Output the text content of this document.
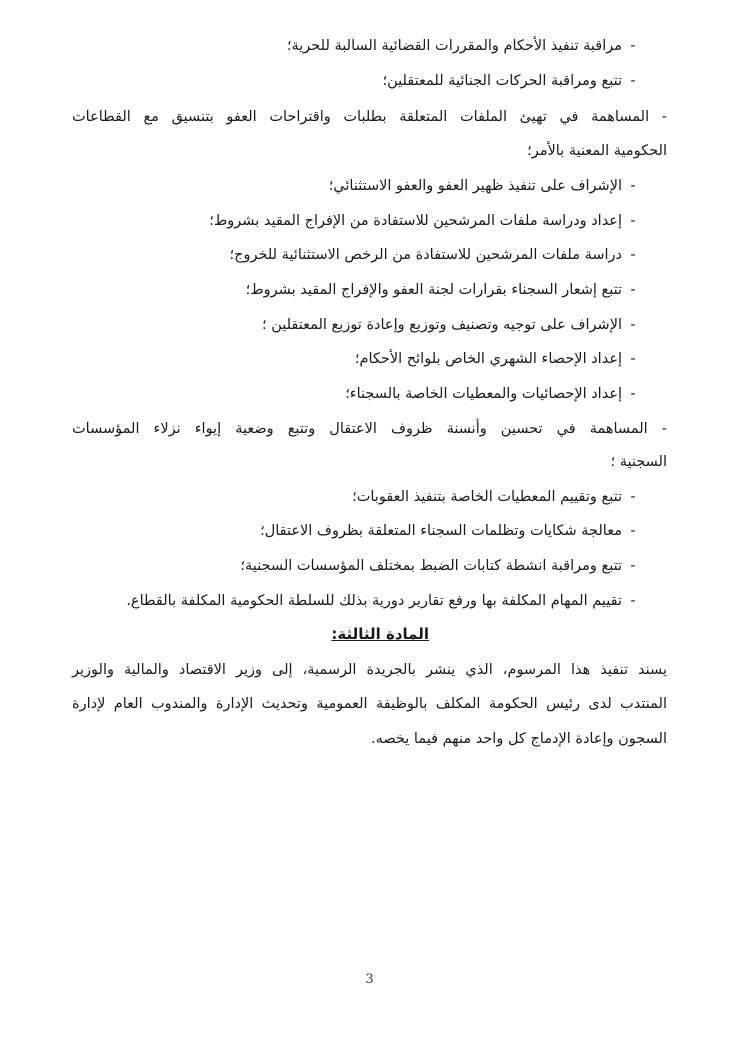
-مراقبة تنفيذ الأحكام والمقررات القضائية السالبة للحرية؛
-تتبع ومراقبة الحركات الجنائية للمعتقلين؛
- المساهمة في تهيئ الملفات المتعلقة بطلبات واقتراحات العفو بتنسيق مع القطاعات
الحكومية المعنية بالأمر؛
-الإشراف على تنفيذ ظهير العفو والعفو الاستثنائي؛
-إعداد ودراسة ملفات المرشحين للاستفادة من الإفراج المقيد بشروط؛
-دراسة ملفات المرشحين للاستفادة من الرخص الاستثنائية للخروج؛
-تتبع إشعار السجناء بقرارات لجنة العفو والإفراج المقيد بشروط؛
-الإشراف على توجيه وتصنيف وتوزيع وإعادة توزيع المعتقلين ؛
-إعداد الإحصاء الشهري الخاص بلوائح الأحكام؛
-إعداد الإحصائيات والمعطيات الخاصة بالسجناء؛
- المساهمة في تحسين وأنسنة ظروف الاعتقال وتتبع وضعية إيواء نزلاء المؤسسات
السجنية ؛
-تتبع وتقييم المعطيات الخاصة بتنفيذ العقوبات؛
-معالجة شكايات وتظلمات السجناء المتعلقة بظروف الاعتقال؛
-تتبع ومراقبة انشطة كتابات الضبط بمختلف المؤسسات السجنية؛
-تقييم المهام المكلفة بها ورفع تقارير دورية بذلك للسلطة الحكومية المكلفة بالقطاع.
المادة الثالثة:
يسند تنفيذ هذا المرسوم، الذي ينشر بالجريدة الرسمية، إلى وزير الاقتصاد والمالية والوزير
المنتدب لدى رئيس الحكومة المكلف بالوظيفة العمومية وتحديث الإدارة والمندوب العام لإدارة
السجون وإعادة الإدماج كل واحد منهم فيما يخصه.
3
